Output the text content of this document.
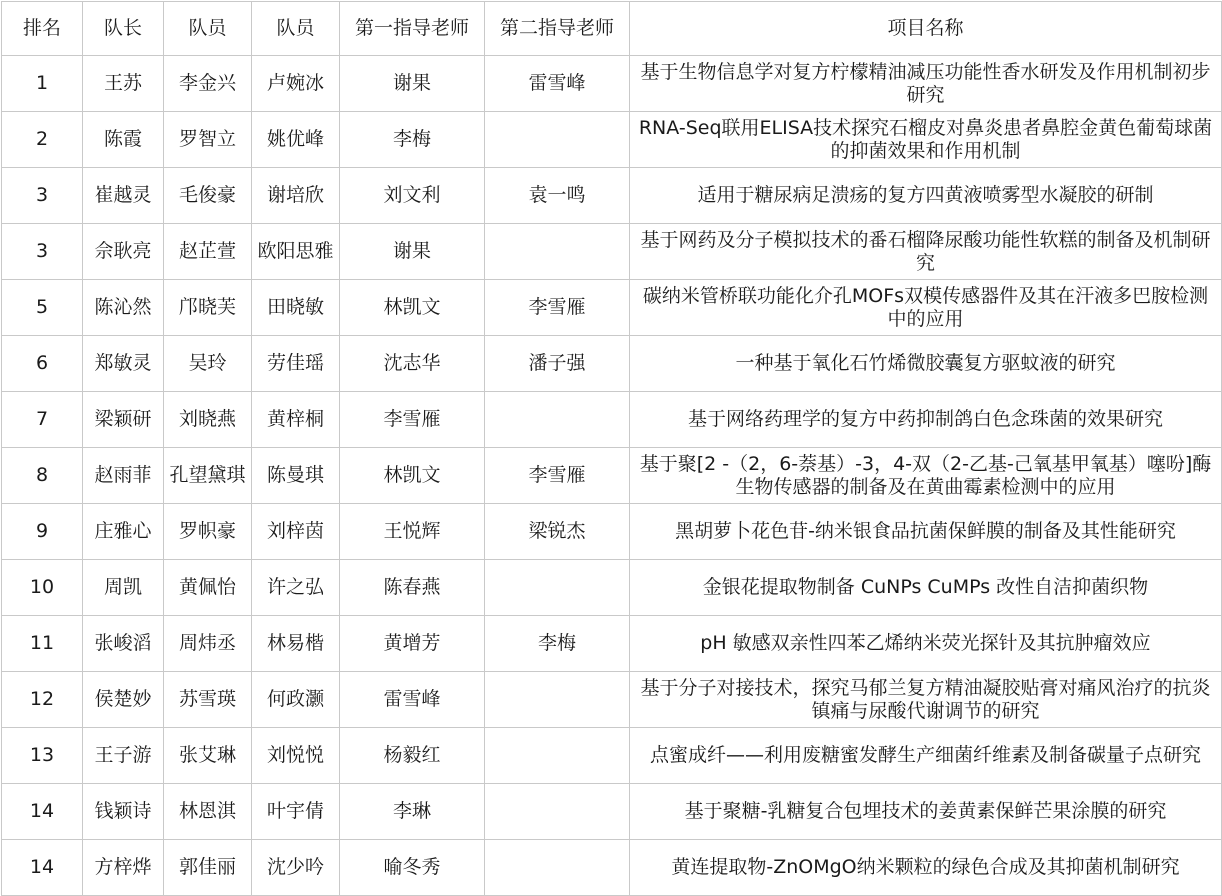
排名	队长	队员	队员	第一指导老师	第二指导老师	项目名称
1	王苏	李金兴	卢婉冰	谢果	雷雪峰	基于生物信息学对复方柠檬精油减压功能性香水研发及作用机制初步研究
2	陈霞	罗智立	姚优峰	李梅		RNA-Seq联用ELISA技术探究石榴皮对鼻炎患者鼻腔金黄色葡萄球菌的抑菌效果和作用机制
3	崔越灵	毛俊豪	谢培欣	刘文利	袁一鸣	适用于糖尿病足溃疡的复方四黄液喷雾型水凝胶的研制
3	佘耿亮	赵芷萱	欧阳思雅	谢果		基于网药及分子模拟技术的番石榴降尿酸功能性软糕的制备及机制研究
5	陈沁然	邝晓芙	田晓敏	林凯文	李雪雁	碳纳米管桥联功能化介孔MOFs双模传感器件及其在汗液多巴胺检测中的应用
6	郑敏灵	吴玲	劳佳瑶	沈志华	潘子强	一种基于氧化石竹烯微胶囊复方驱蚊液的研究
7	梁颖研	刘晓燕	黄梓桐	李雪雁		基于网络药理学的复方中药抑制鸽白色念珠菌的效果研究
8	赵雨菲	孔望黛琪	陈曼琪	林凯文	李雪雁	基于聚[2 -（2，6-萘基）-3，4-双（2-乙基-己氧基甲氧基）噻吩]酶生物传感器的制备及在黄曲霉素检测中的应用
9	庄雅心	罗帜豪	刘梓茵	王悦辉	梁锐杰	黑胡萝卜花色苷-纳米银食品抗菌保鲜膜的制备及其性能研究
10	周凯	黄佩怡	许之弘	陈春燕		金银花提取物制备 CuNPs CuMPs 改性自洁抑菌织物
11	张峻滔	周炜丞	林易楷	黄增芳	李梅	pH 敏感双亲性四苯乙烯纳米荧光探针及其抗肿瘤效应
12	侯楚妙	苏雪瑛	何政灏	雷雪峰		基于分子对接技术，探究马郁兰复方精油凝胶贴膏对痛风治疗的抗炎镇痛与尿酸代谢调节的研究
13	王子游	张艾琳	刘悦悦	杨毅红		点蜜成纤——利用废糖蜜发酵生产细菌纤维素及制备碳量子点研究
14	钱颖诗	林恩淇	叶宇倩	李琳		基于聚糖-乳糖复合包埋技术的姜黄素保鲜芒果涂膜的研究
14	方梓烨	郭佳丽	沈少吟	喻冬秀		黄连提取物-ZnOMgO纳米颗粒的绿色合成及其抑菌机制研究
